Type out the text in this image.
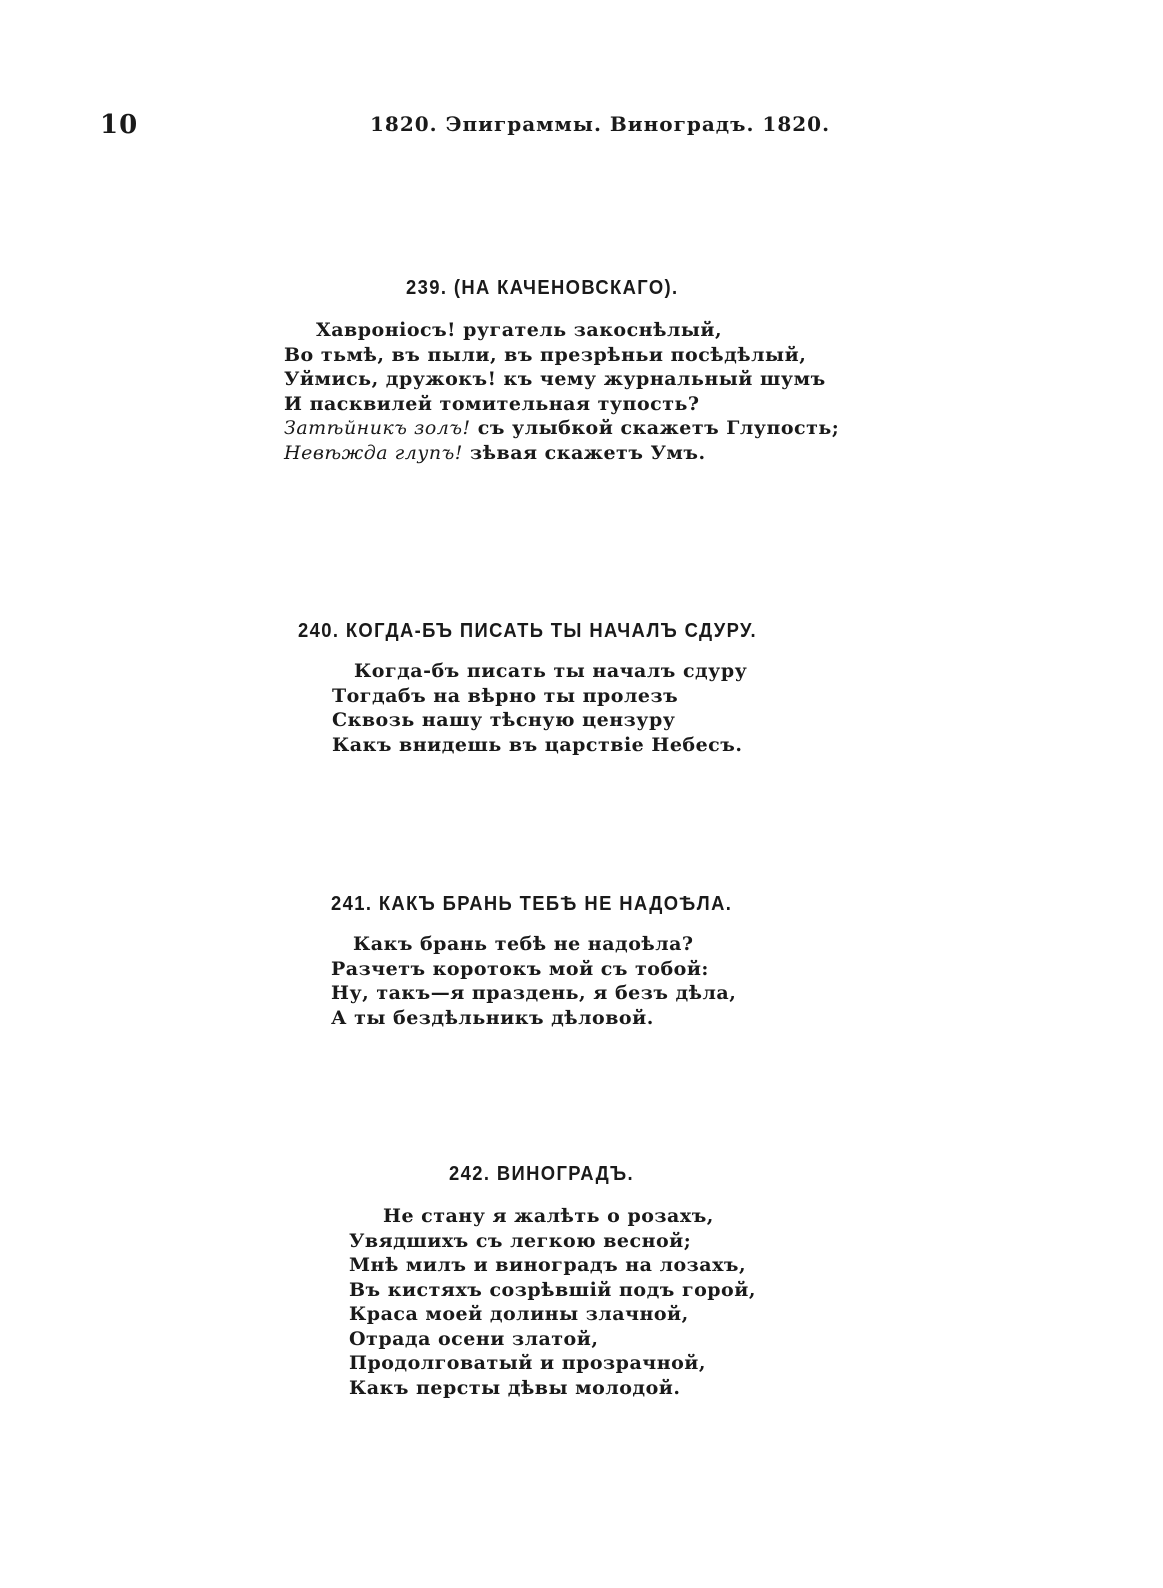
10	1820. Эпиграммы. Виноградъ. 1820.
239. (НА КАЧЕНОВСКАГО).
Хавроніосъ! ругатель закоснѣлый,
Во тьмѣ, въ пыли, въ презрѣньи посѣдѣлый,
Уймись, дружокъ! къ чему журнальный шумъ
И пасквилей томительная тупость?
Затѣйникъ золъ! съ улыбкой скажетъ Глупость;
Невѣжда глупъ! зѣвая скажетъ Умъ.
240. КОГДА-БЪ ПИСАТЬ ТЫ НАЧАЛЪ СДУРУ.
Когда-бъ писать ты началъ сдуру
Тогдабъ на вѣрно ты пролезъ
Сквозь нашу тѣсную цензуру
Какъ внидешь въ царствіе Небесъ.
241. КАКЪ БРАНЬ ТЕБѢ НЕ НАДОѢЛА.
Какъ брань тебѣ не надоѣла?
Разчетъ коротокъ мой съ тобой:
Ну, такъ—я праздень, я безъ дѣла,
А ты бездѣльникъ дѣловой.
242. ВИНОГРАДЪ.
Не стану я жалѣть о розахъ,
Увядшихъ съ легкою весной;
Мнѣ милъ и виноградъ на лозахъ,
Въ кистяхъ созрѣвшій подъ горой,
Краса моей долины злачной,
Отрада осени златой,
Продолговатый и прозрачной,
Какъ персты дѣвы молодой.
